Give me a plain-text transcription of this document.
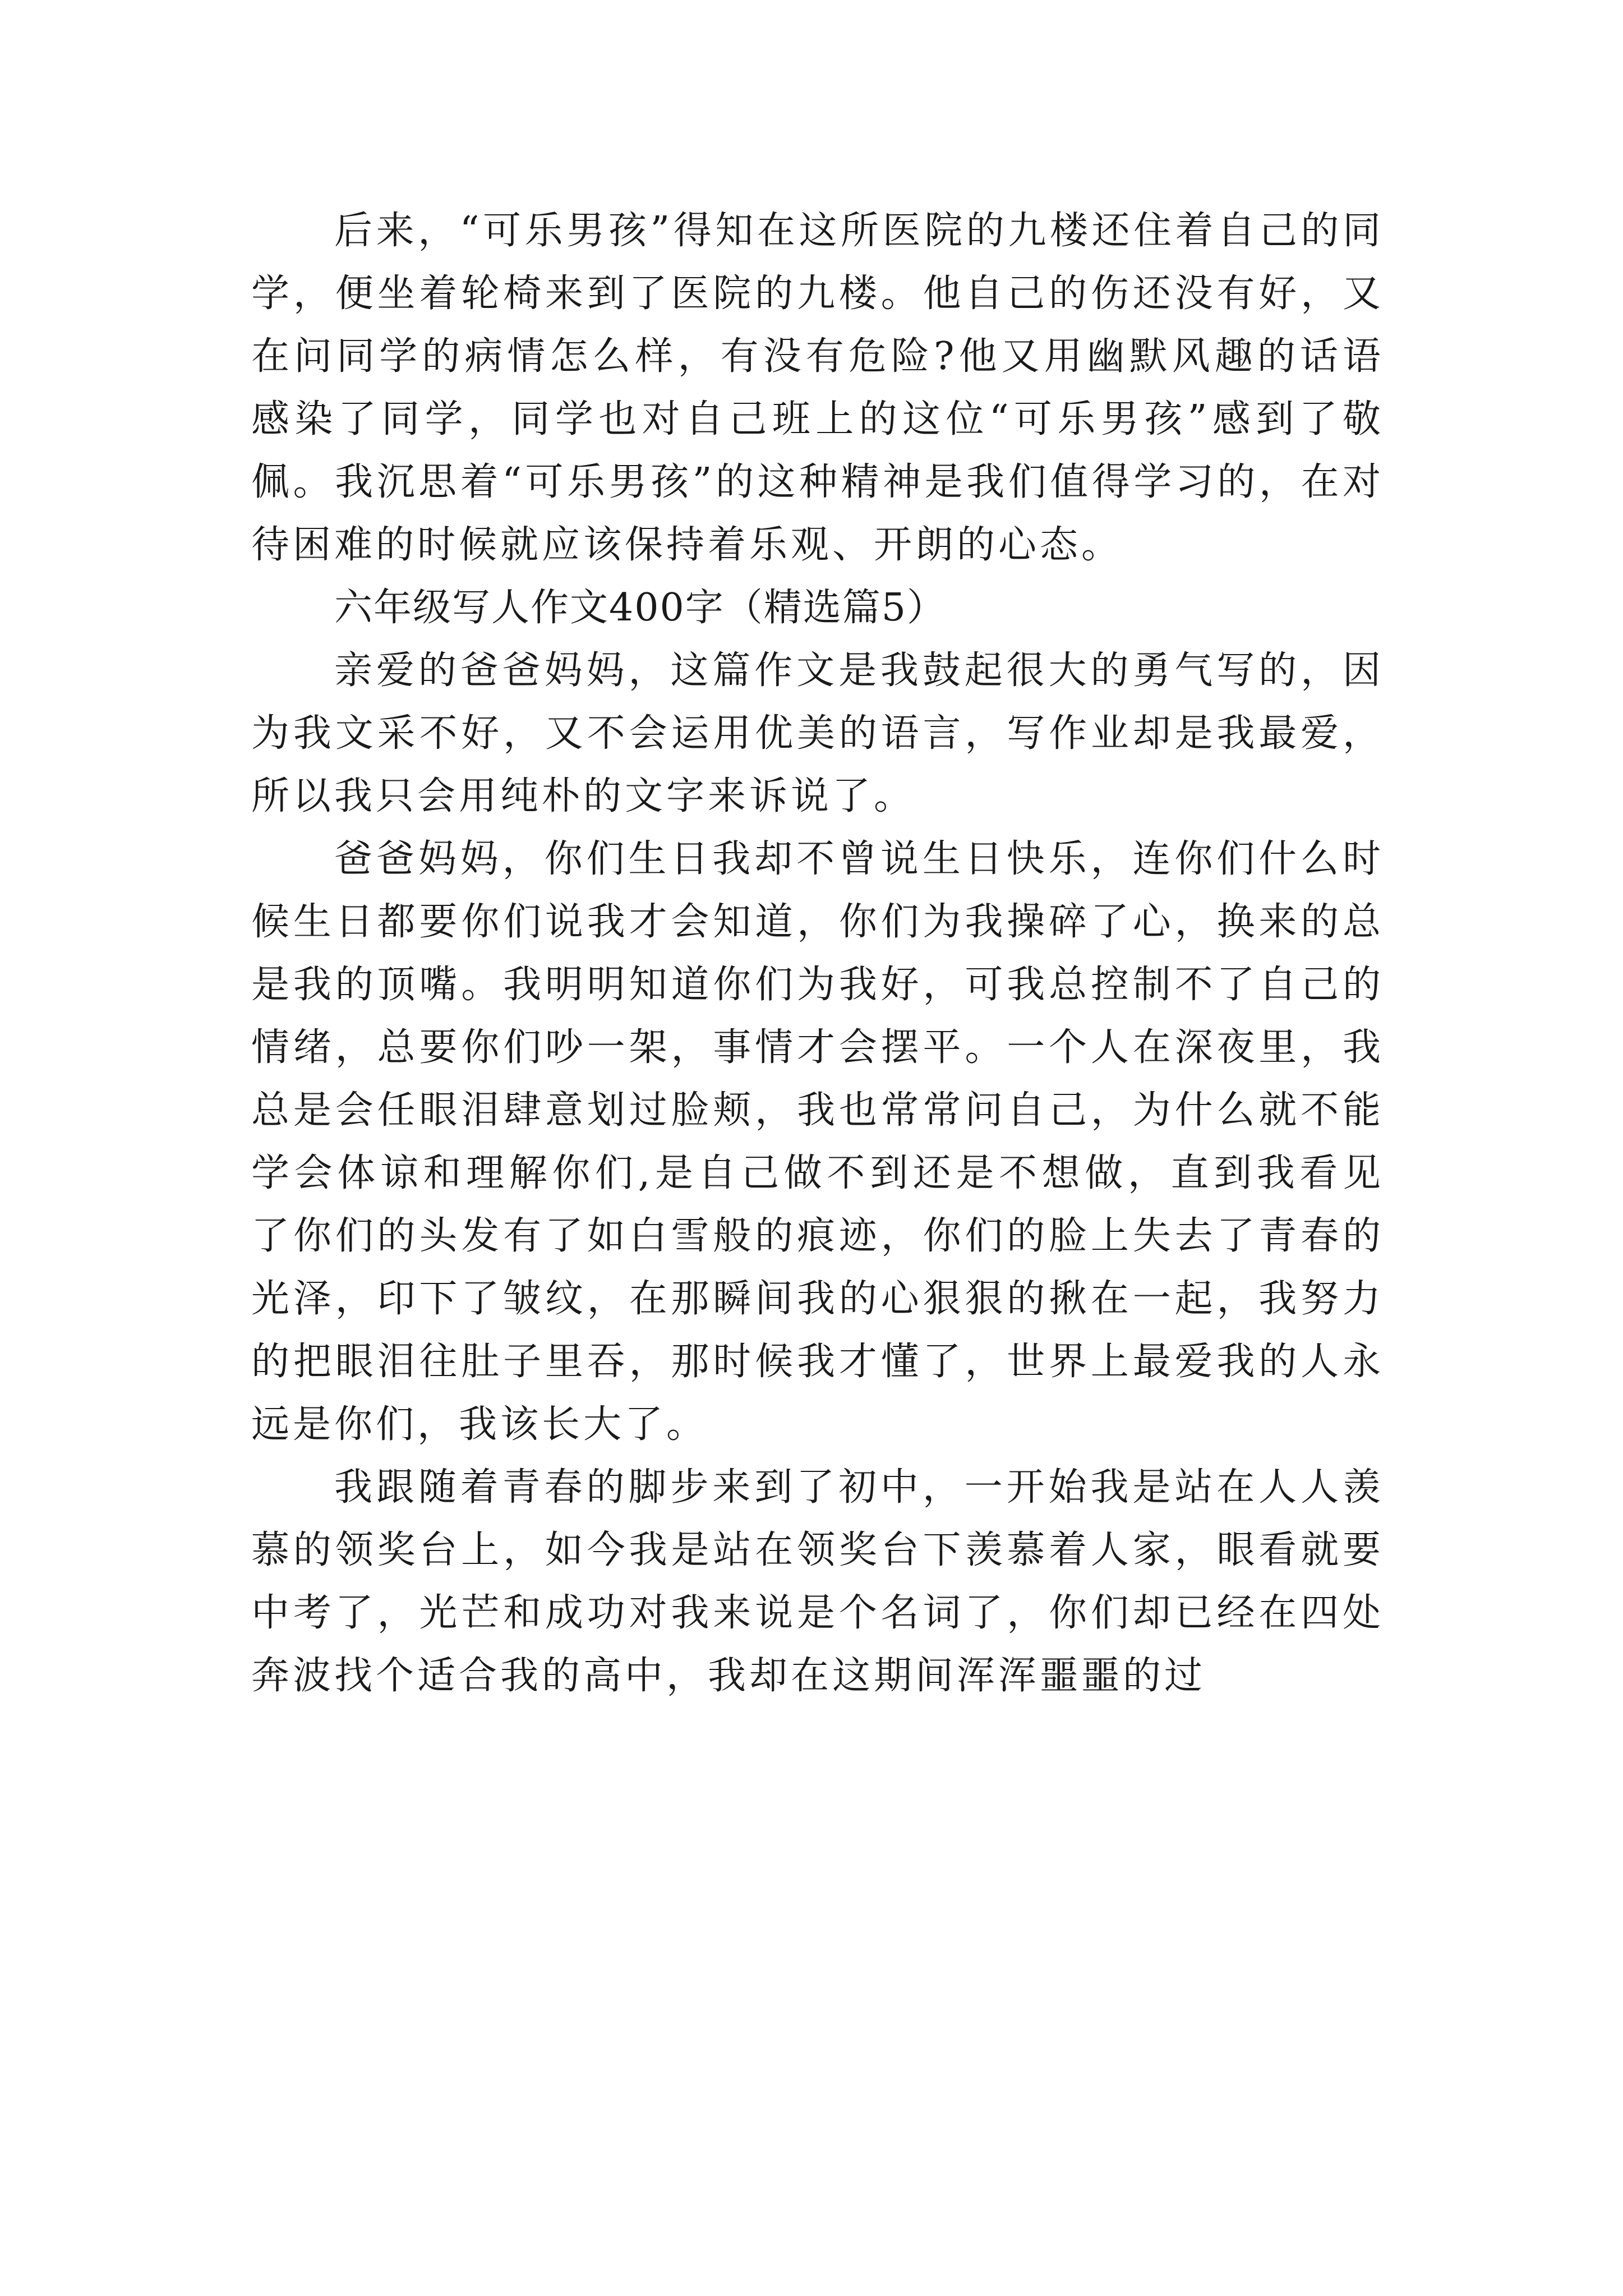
后来，“可乐男孩”得知在这所医院的九楼还住着自己的同学，便坐着轮椅来到了医院的九楼。他自己的伤还没有好，又在问同学的病情怎么样，有没有危险?他又用幽默风趣的话语感染了同学，同学也对自己班上的这位“可乐男孩”感到了敬佩。我沉思着“可乐男孩”的这种精神是我们值得学习的，在对待困难的时候就应该保持着乐观、开朗的心态。

六年级写人作文400字（精选篇5）

亲爱的爸爸妈妈，这篇作文是我鼓起很大的勇气写的，因为我文采不好，又不会运用优美的语言，写作业却是我最爱，所以我只会用纯朴的文字来诉说了。

爸爸妈妈，你们生日我却不曾说生日快乐，连你们什么时候生日都要你们说我才会知道，你们为我操碎了心，换来的总是我的顶嘴。我明明知道你们为我好，可我总控制不了自己的情绪，总要你们吵一架，事情才会摆平。一个人在深夜里，我总是会任眼泪肆意划过脸颊，我也常常问自己，为什么就不能学会体谅和理解你们,是自己做不到还是不想做，直到我看见了你们的头发有了如白雪般的痕迹，你们的脸上失去了青春的光泽，印下了皱纹，在那瞬间我的心狠狠的揪在一起，我努力的把眼泪往肚子里吞，那时候我才懂了，世界上最爱我的人永远是你们，我该长大了。

我跟随着青春的脚步来到了初中，一开始我是站在人人羡慕的领奖台上，如今我是站在领奖台下羡慕着人家，眼看就要中考了，光芒和成功对我来说是个名词了，你们却已经在四处奔波找个适合我的高中，我却在这期间浑浑噩噩的过
